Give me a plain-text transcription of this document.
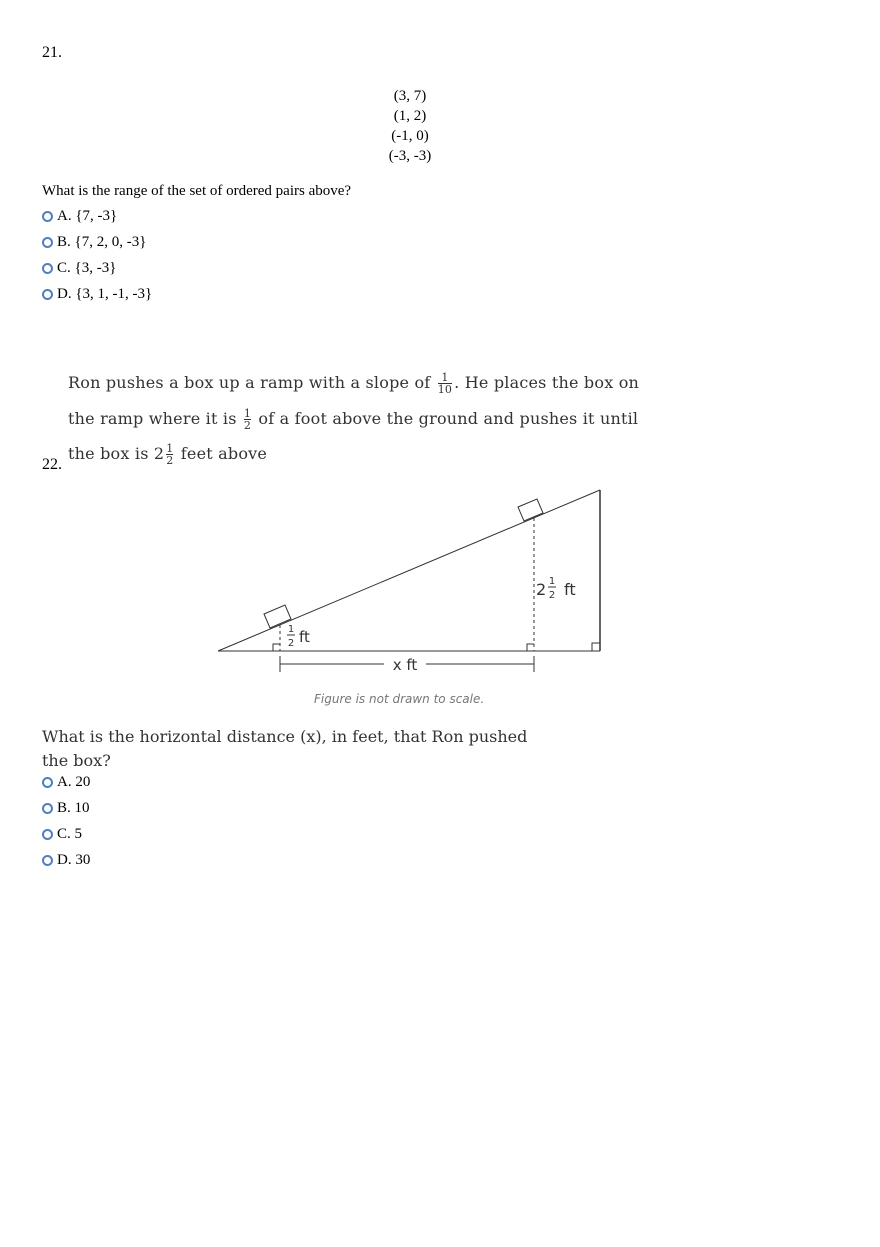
21.
(3, 7)
(1, 2)
(-1, 0)
(-3, -3)
What is the range of the set of ordered pairs above?
A. {7, -3}
B. {7, 2, 0, -3}
C. {3, -3}
D. {3, 1, -1, -3}
Ron pushes a box up a ramp with a slope of $\frac{1}{10}$ . He places the box on
the ramp where it is $\frac{1}{2}$ of a foot above the ground and pushes it until
the box is $2 \frac{1}{2}$ feet above
22.
1
2 ft
2 1
2 ft
x ft
Figure is not drawn to scale.
What is the horizontal distance (x), in feet, that Ron pushed
the box?
A. 20
B. 10
C. 5
D. 30
